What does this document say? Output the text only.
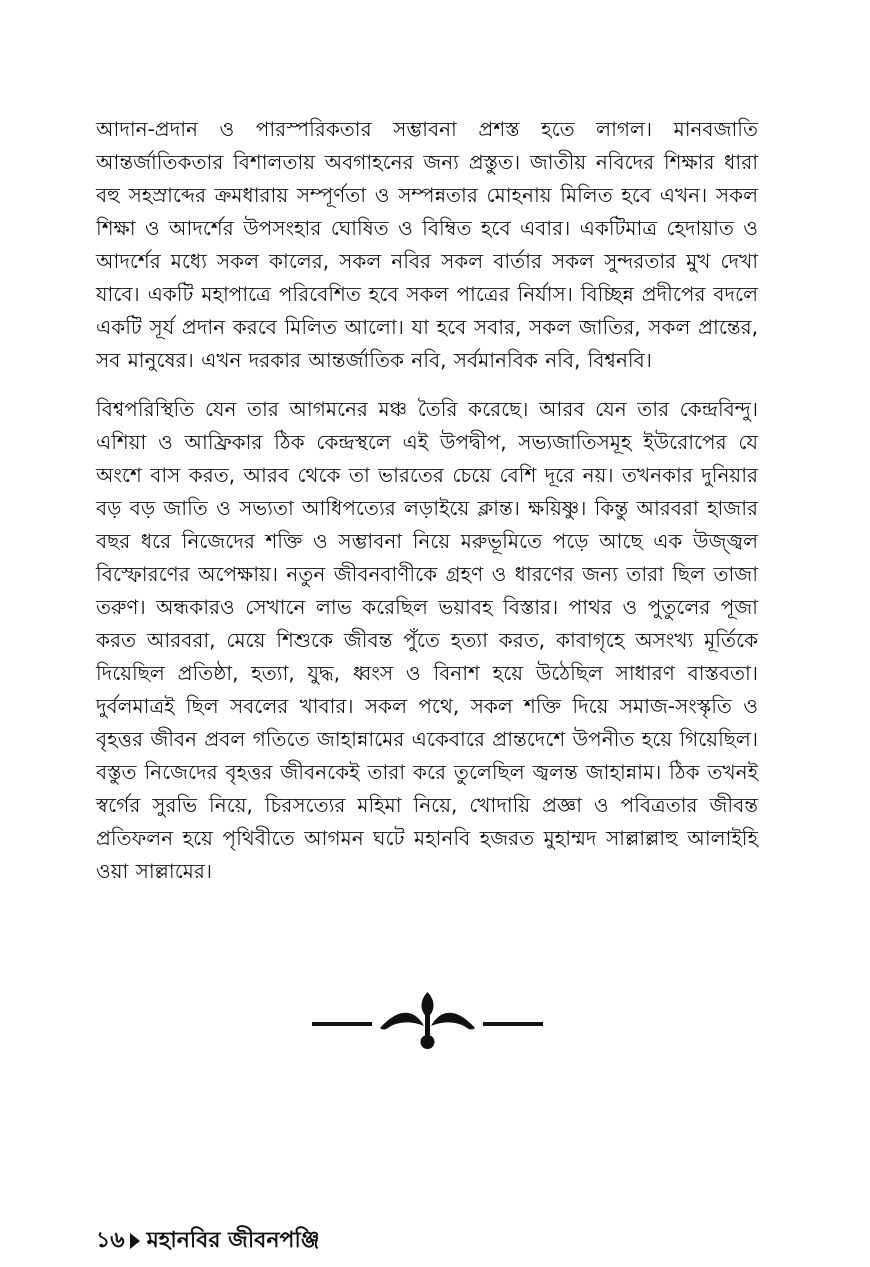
আদান-প্রদান ও পারস্পরিকতার সম্ভাবনা প্রশস্ত হতে লাগল। মানবজাতি আন্তর্জাতিকতার বিশালতায় অবগাহনের জন্য প্রস্তুত। জাতীয় নবিদের শিক্ষার ধারা বহু সহস্রাব্দের ক্রমধারায় সম্পূর্ণতা ও সম্পন্নতার মোহনায় মিলিত হবে এখন। সকল শিক্ষা ও আদর্শের উপসংহার ঘোষিত ও বিম্বিত হবে এবার। একটিমাত্র হেদায়াত ও আদর্শের মধ্যে সকল কালের, সকল নবির সকল বার্তার সকল সুন্দরতার মুখ দেখা যাবে। একটি মহাপাত্রে পরিবেশিত হবে সকল পাত্রের নির্যাস। বিচ্ছিন্ন প্রদীপের বদলে একটি সূর্য প্রদান করবে মিলিত আলো। যা হবে সবার, সকল জাতির, সকল প্রান্তের, সব মানুষের। এখন দরকার আন্তর্জাতিক নবি, সর্বমানবিক নবি, বিশ্বনবি।

বিশ্বপরিস্থিতি যেন তার আগমনের মঞ্চ তৈরি করেছে। আরব যেন তার কেন্দ্রবিন্দু। এশিয়া ও আফ্রিকার ঠিক কেন্দ্রস্থলে এই উপদ্বীপ, সভ্যজাতিসমূহ ইউরোপের যে অংশে বাস করত, আরব থেকে তা ভারতের চেয়ে বেশি দূরে নয়। তখনকার দুনিয়ার বড় বড় জাতি ও সভ্যতা আধিপত্যের লড়াইয়ে ক্লান্ত। ক্ষয়িষ্ণু। কিন্তু আরবরা হাজার বছর ধরে নিজেদের শক্তি ও সম্ভাবনা নিয়ে মরুভূমিতে পড়ে আছে এক উজ্জ্বল বিস্ফোরণের অপেক্ষায়। নতুন জীবনবাণীকে গ্রহণ ও ধারণের জন্য তারা ছিল তাজা তরুণ। অন্ধকারও সেখানে লাভ করেছিল ভয়াবহ বিস্তার। পাথর ও পুতুলের পূজা করত আরবরা, মেয়ে শিশুকে জীবন্ত পুঁতে হত্যা করত, কাবাগৃহে অসংখ্য মূর্তিকে দিয়েছিল প্রতিষ্ঠা, হত্যা, যুদ্ধ, ধ্বংস ও বিনাশ হয়ে উঠেছিল সাধারণ বাস্তবতা। দুর্বলমাত্রই ছিল সবলের খাবার। সকল পথে, সকল শক্তি দিয়ে সমাজ-সংস্কৃতি ও বৃহত্তর জীবন প্রবল গতিতে জাহান্নামের একেবারে প্রান্তদেশে উপনীত হয়ে গিয়েছিল। বস্তুত নিজেদের বৃহত্তর জীবনকেই তারা করে তুলেছিল জ্বলন্ত জাহান্নাম। ঠিক তখনই স্বর্গের সুরভি নিয়ে, চিরসত্যের মহিমা নিয়ে, খোদায়ি প্রজ্ঞা ও পবিত্রতার জীবন্ত প্রতিফলন হয়ে পৃথিবীতে আগমন ঘটে মহানবি হজরত মুহাম্মদ সাল্লাল্লাহু আলাইহি ওয়া সাল্লামের।

১৬ মহানবির জীবনপঞ্জি
